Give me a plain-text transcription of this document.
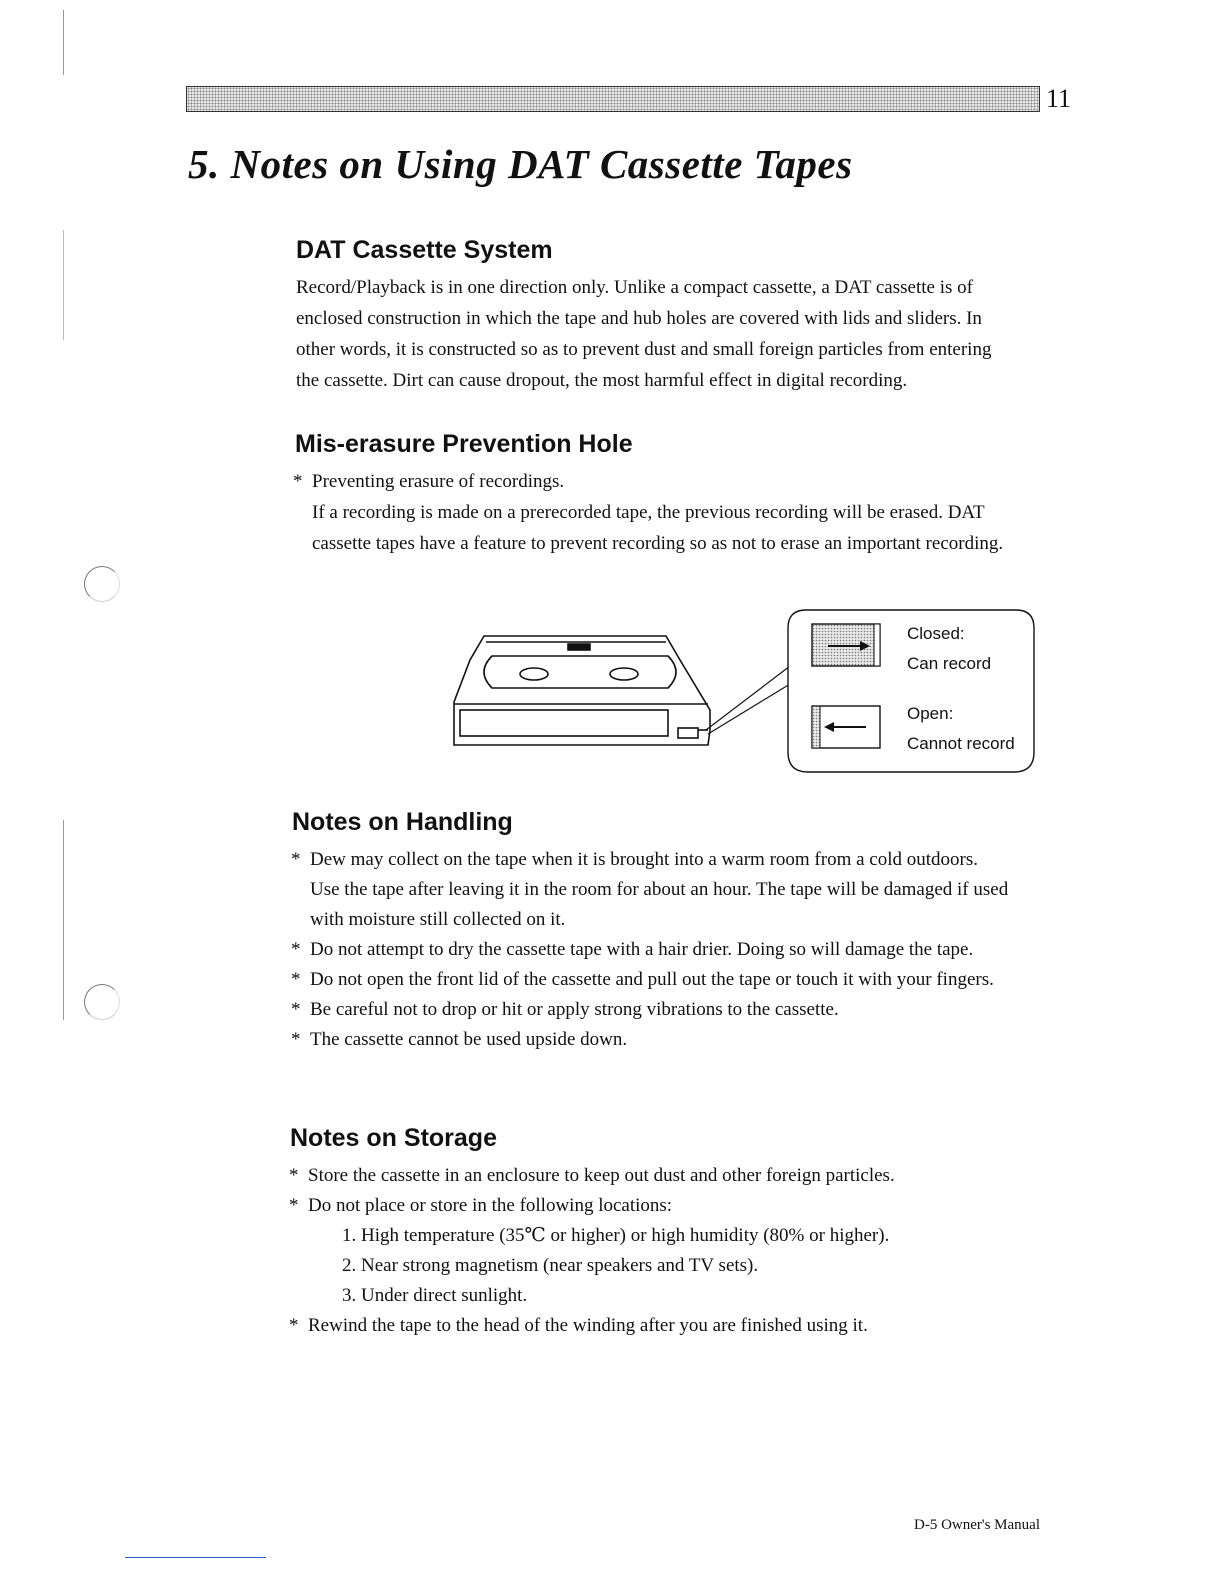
11
5. Notes on Using DAT Cassette Tapes
DAT Cassette System

Record/Playback is in one direction only. Unlike a compact cassette, a DAT cassette is of

enclosed construction in which the tape and hub holes are covered with lids and sliders. In

other words, it is constructed so as to prevent dust and small foreign particles from entering

the cassette. Dirt can cause dropout, the most harmful effect in digital recording.

Mis-erasure Prevention Hole
* Preventing erasure of recordings.

If a recording is made on a prerecorded tape, the previous recording will be erased. DAT

cassette tapes have a feature to prevent recording so as not to erase an important recording.

Closed:
Can record
Open:
Cannot record
Notes on Handling
* Dew may collect on the tape when it is brought into a warm room from a cold outdoors.

Use the tape after leaving it in the room for about an hour. The tape will be damaged if used

with moisture still collected on it.

* Do not attempt to dry the cassette tape with a hair drier. Doing so will damage the tape.

* Do not open the front lid of the cassette and pull out the tape or touch it with your fingers.

* Be careful not to drop or hit or apply strong vibrations to the cassette.

* The cassette cannot be used upside down.

Notes on Storage
* Store the cassette in an enclosure to keep out dust and other foreign particles.

* Do not place or store in the following locations:

1. High temperature (35℃ or higher) or high humidity (80% or higher).
2. Near strong magnetism (near speakers and TV sets).
3. Under direct sunlight.
* Rewind the tape to the head of the winding after you are finished using it.

D-5 Owner's Manual
